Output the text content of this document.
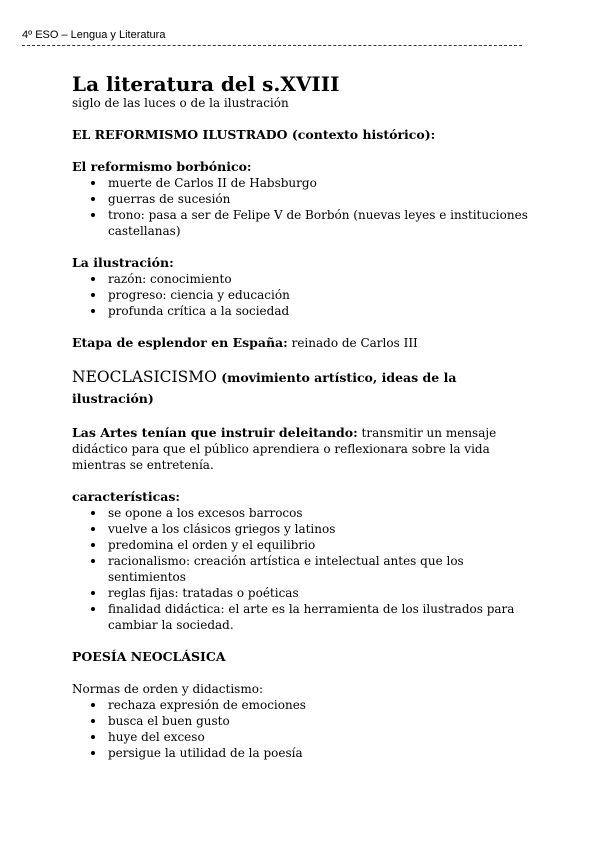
4º ESO – Lengua y Literatura
La literatura del s.XVIII

siglo de las luces o de la ilustración

EL REFORMISMO ILUSTRADO (contexto histórico):

El reformismo borbónico:

muerte de Carlos II de Habsburgo
guerras de sucesión
trono: pasa a ser de Felipe V de Borbón (nuevas leyes e instituciones castellanas)

La ilustración:

razón: conocimiento
progreso: ciencia y educación
profunda crítica a la sociedad

Etapa de esplendor en España: reinado de Carlos III

NEOCLASICISMO (movimiento artístico, ideas de la ilustración)

Las Artes tenían que instruir deleitando: transmitir un mensaje didáctico para que el público aprendiera o reflexionara sobre la vida mientras se entretenía.

características:

se opone a los excesos barrocos
vuelve a los clásicos griegos y latinos
predomina el orden y el equilibrio
racionalismo: creación artística e intelectual antes que los sentimientos
reglas fijas: tratadas o poéticas
finalidad didáctica: el arte es la herramienta de los ilustrados para cambiar la sociedad.

POESÍA NEOCLÁSICA

Normas de orden y didactismo:

rechaza expresión de emociones
busca el buen gusto
huye del exceso
persigue la utilidad de la poesía
